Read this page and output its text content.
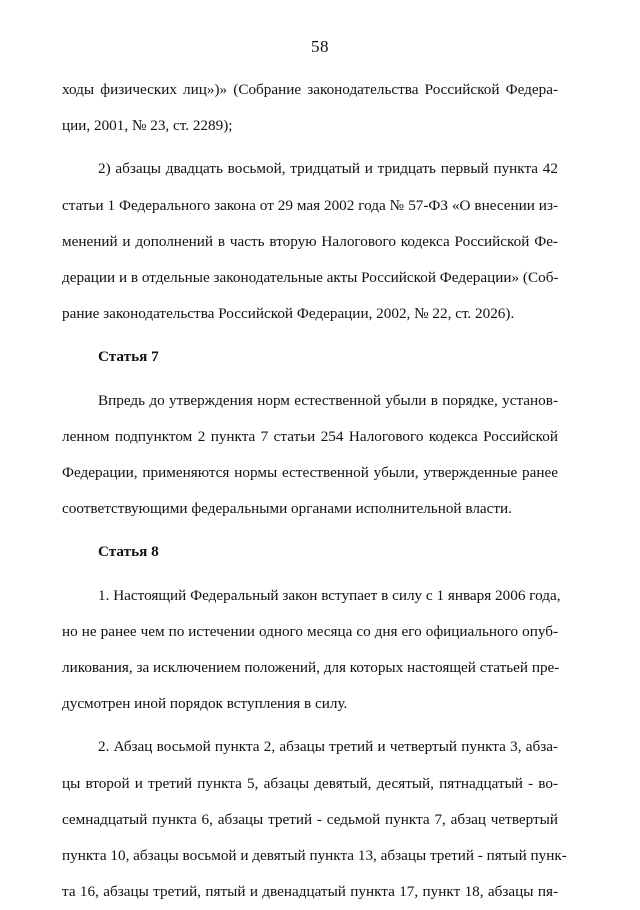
58
ходы физических лиц»)» (Собрание законодательства Российской Федера-
ции, 2001, № 23, ст. 2289);
2) абзацы двадцать восьмой, тридцатый и тридцать первый пункта 42
статьи 1 Федерального закона от 29 мая 2002 года № 57-ФЗ «О внесении из-
менений и дополнений в часть вторую Налогового кодекса Российской Фе-
дерации и в отдельные законодательные акты Российской Федерации» (Соб-
рание законодательства Российской Федерации, 2002, № 22, ст. 2026).
Статья 7
Впредь до утверждения норм естественной убыли в порядке, установ-
ленном подпунктом 2 пункта 7 статьи 254 Налогового кодекса Российской
Федерации, применяются нормы естественной убыли, утвержденные ранее
соответствующими федеральными органами исполнительной власти.
Статья 8
1. Настоящий Федеральный закон вступает в силу с 1 января 2006 года,
но не ранее чем по истечении одного месяца со дня его официального опуб-
ликования, за исключением положений, для которых настоящей статьей пре-
дусмотрен иной порядок вступления в силу.
2. Абзац восьмой пункта 2, абзацы третий и четвертый пункта 3, абза-
цы второй и третий пункта 5, абзацы девятый, десятый, пятнадцатый - во-
семнадцатый пункта 6, абзацы третий - седьмой пункта 7, абзац четвертый
пункта 10, абзацы восьмой и девятый пункта 13, абзацы третий - пятый пунк-
та 16, абзацы третий, пятый и двенадцатый пункта 17, пункт 18, абзацы пя-
